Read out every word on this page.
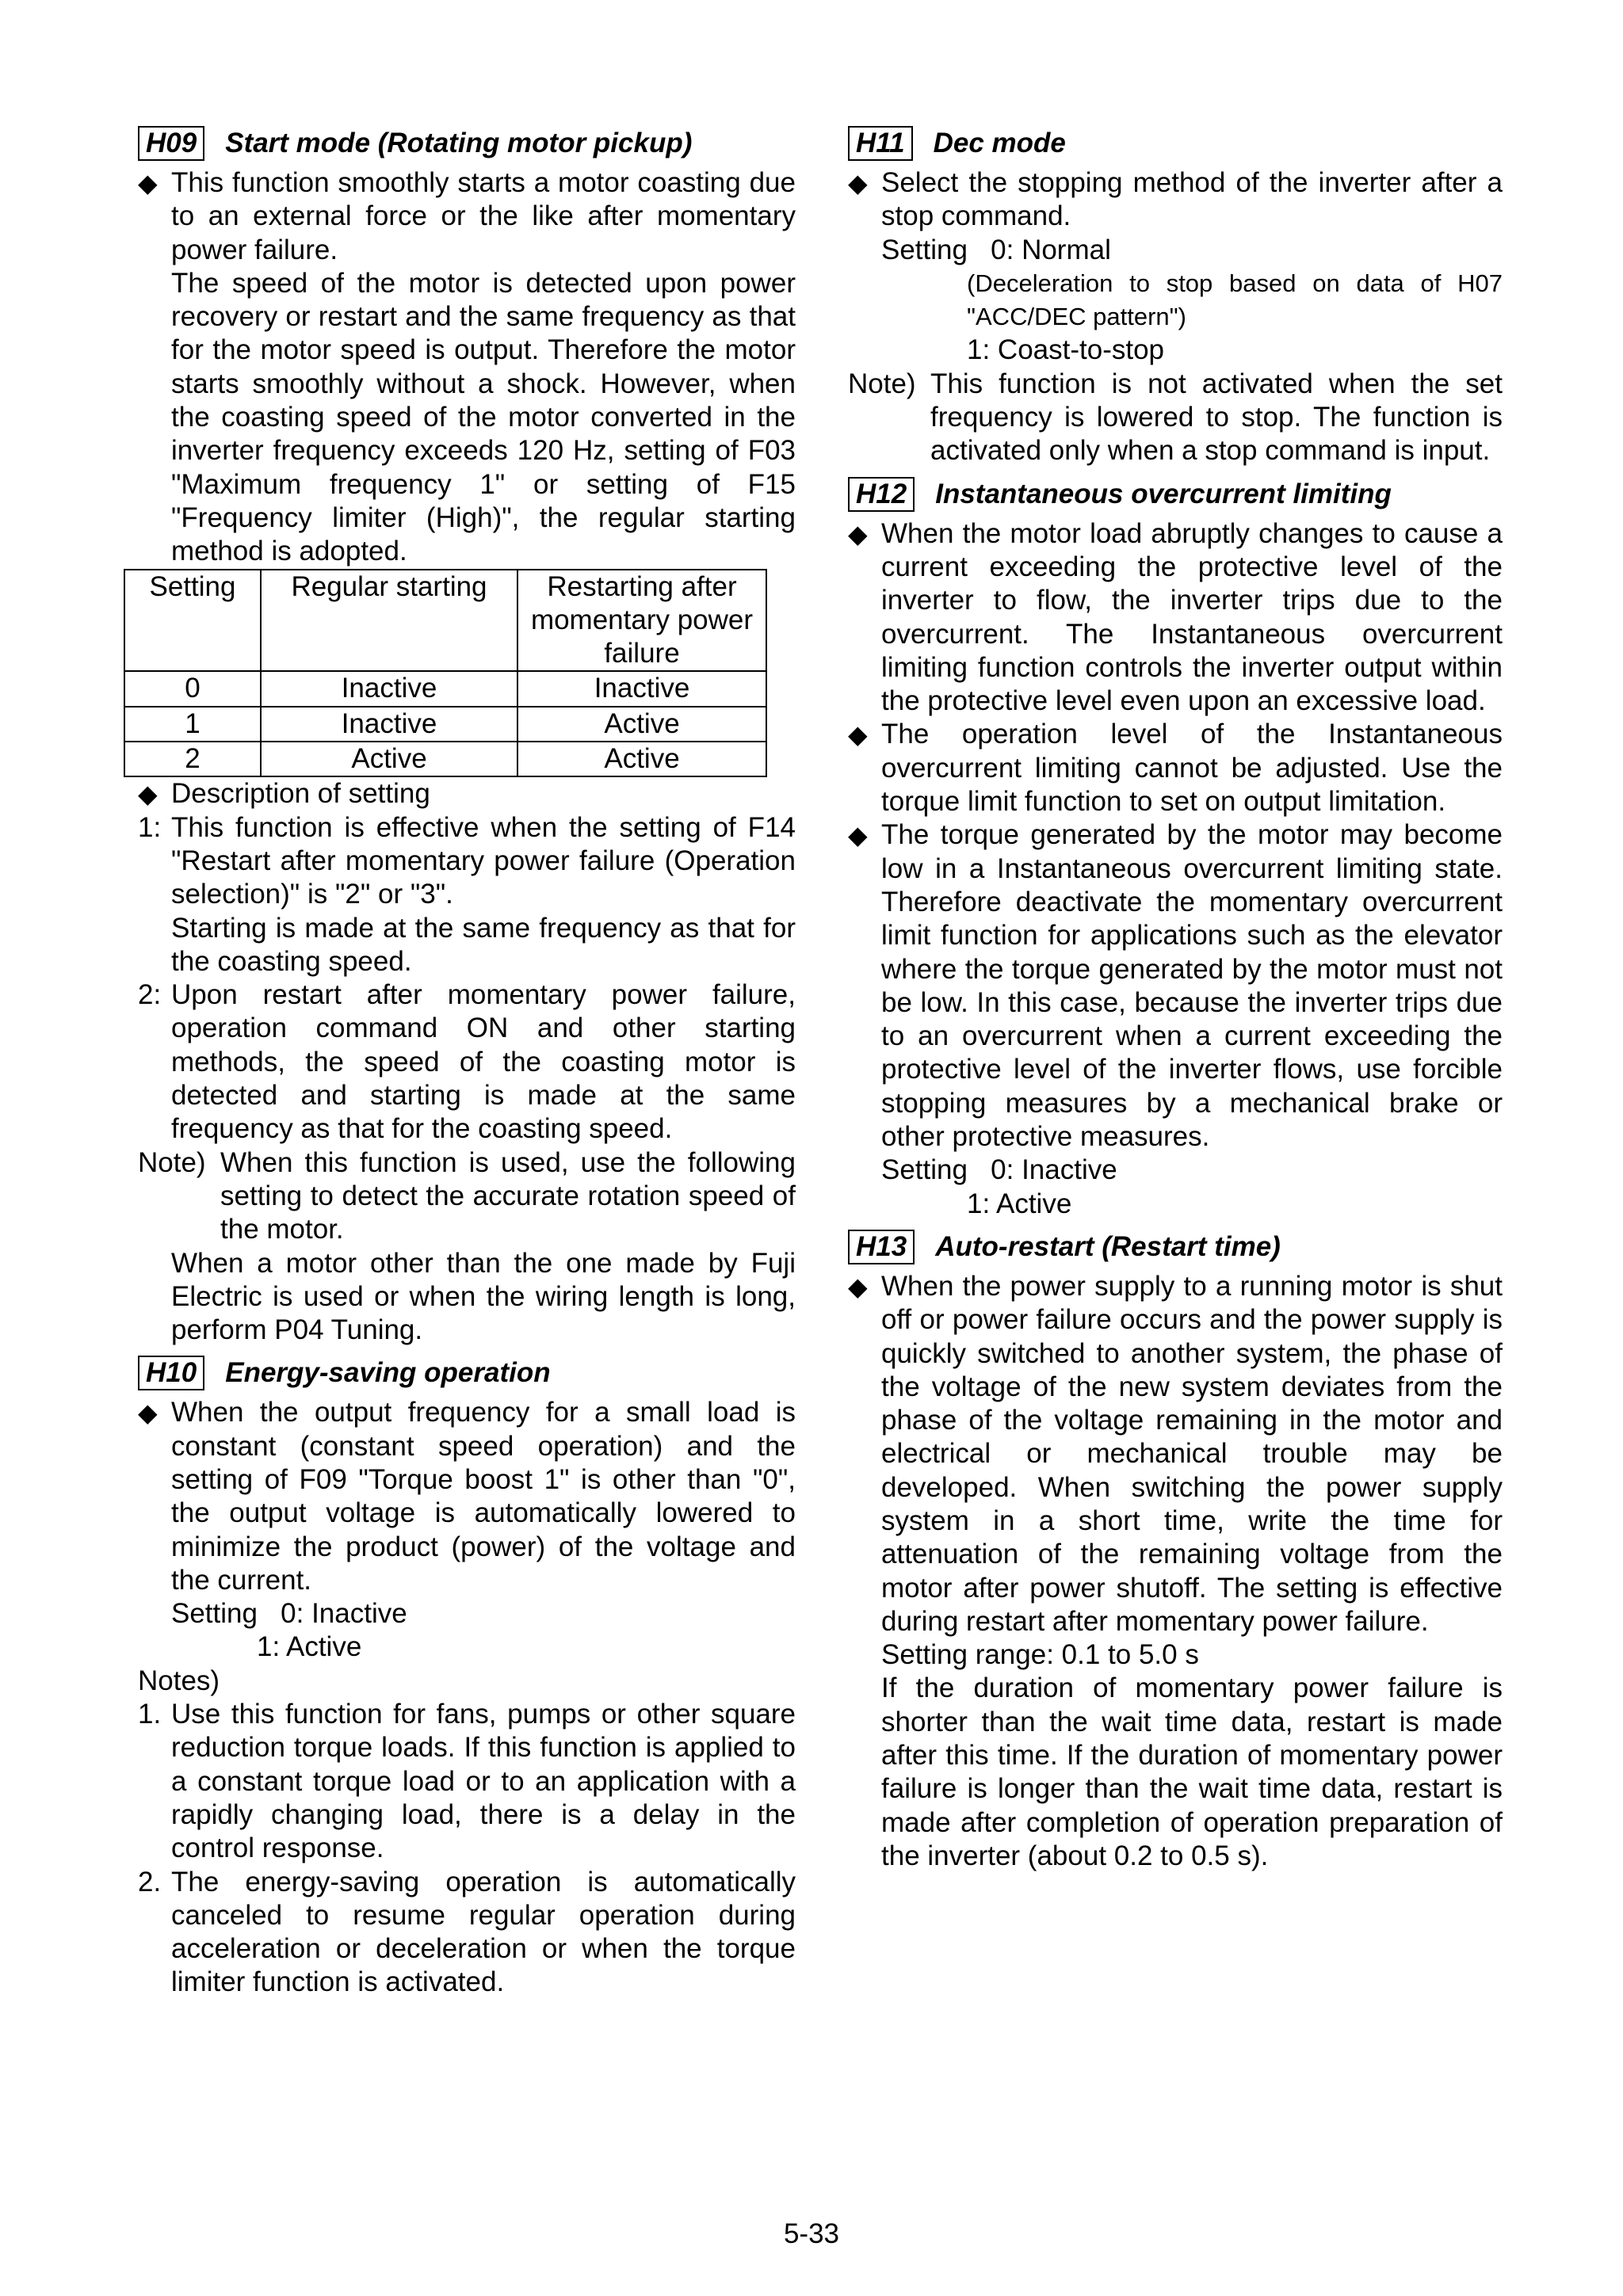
H09 Start mode (Rotating motor pickup)
◆ This function smoothly starts a motor coasting due to an external force or the like after momentary power failure.
The speed of the motor is detected upon power recovery or restart and the same frequency as that for the motor speed is output. Therefore the motor starts smoothly without a shock. However, when the coasting speed of the motor converted in the inverter frequency exceeds 120 Hz, setting of F03 "Maximum frequency 1" or setting of F15 "Frequency limiter (High)", the regular starting method is adopted.
Setting	Regular starting	Restarting after momentary power failure
0	Inactive	Inactive
1	Inactive	Active
2	Active	Active
◆ Description of setting
1: This function is effective when the setting of F14 "Restart after momentary power failure (Operation selection)" is "2" or "3".
Starting is made at the same frequency as that for the coasting speed.
2: Upon restart after momentary power failure, operation command ON and other starting methods, the speed of the coasting motor is detected and starting is made at the same frequency as that for the coasting speed.
Note) When this function is used, use the following setting to detect the accurate rotation speed of the motor.
When a motor other than the one made by Fuji Electric is used or when the wiring length is long, perform P04 Tuning.
H10 Energy-saving operation
◆ When the output frequency for a small load is constant (constant speed operation) and the setting of F09 "Torque boost 1" is other than "0", the output voltage is automatically lowered to minimize the product (power) of the voltage and the current.
Setting 0: Inactive
1: Active
Notes)
1. Use this function for fans, pumps or other square reduction torque loads. If this function is applied to a constant torque load or to an application with a rapidly changing load, there is a delay in the control response.
2. The energy-saving operation is automatically canceled to resume regular operation during acceleration or deceleration or when the torque limiter function is activated.
H11 Dec mode
◆ Select the stopping method of the inverter after a stop command.
Setting 0: Normal
(Deceleration to stop based on data of H07 "ACC/DEC pattern")
1: Coast-to-stop
Note) This function is not activated when the set frequency is lowered to stop. The function is activated only when a stop command is input.
H12 Instantaneous overcurrent limiting
◆ When the motor load abruptly changes to cause a current exceeding the protective level of the inverter to flow, the inverter trips due to the overcurrent. The Instantaneous overcurrent limiting function controls the inverter output within the protective level even upon an excessive load.
◆ The operation level of the Instantaneous overcurrent limiting cannot be adjusted. Use the torque limit function to set on output limitation.
◆ The torque generated by the motor may become low in a Instantaneous overcurrent limiting state. Therefore deactivate the momentary overcurrent limit function for applications such as the elevator where the torque generated by the motor must not be low. In this case, because the inverter trips due to an overcurrent when a current exceeding the protective level of the inverter flows, use forcible stopping measures by a mechanical brake or other protective measures.
Setting 0: Inactive
1: Active
H13 Auto-restart (Restart time)
◆ When the power supply to a running motor is shut off or power failure occurs and the power supply is quickly switched to another system, the phase of the voltage of the new system deviates from the phase of the voltage remaining in the motor and electrical or mechanical trouble may be developed. When switching the power supply system in a short time, write the time for attenuation of the remaining voltage from the motor after power shutoff. The setting is effective during restart after momentary power failure.
Setting range: 0.1 to 5.0 s
If the duration of momentary power failure is shorter than the wait time data, restart is made after this time. If the duration of momentary power failure is longer than the wait time data, restart is made after completion of operation preparation of the inverter (about 0.2 to 0.5 s).
5-33
